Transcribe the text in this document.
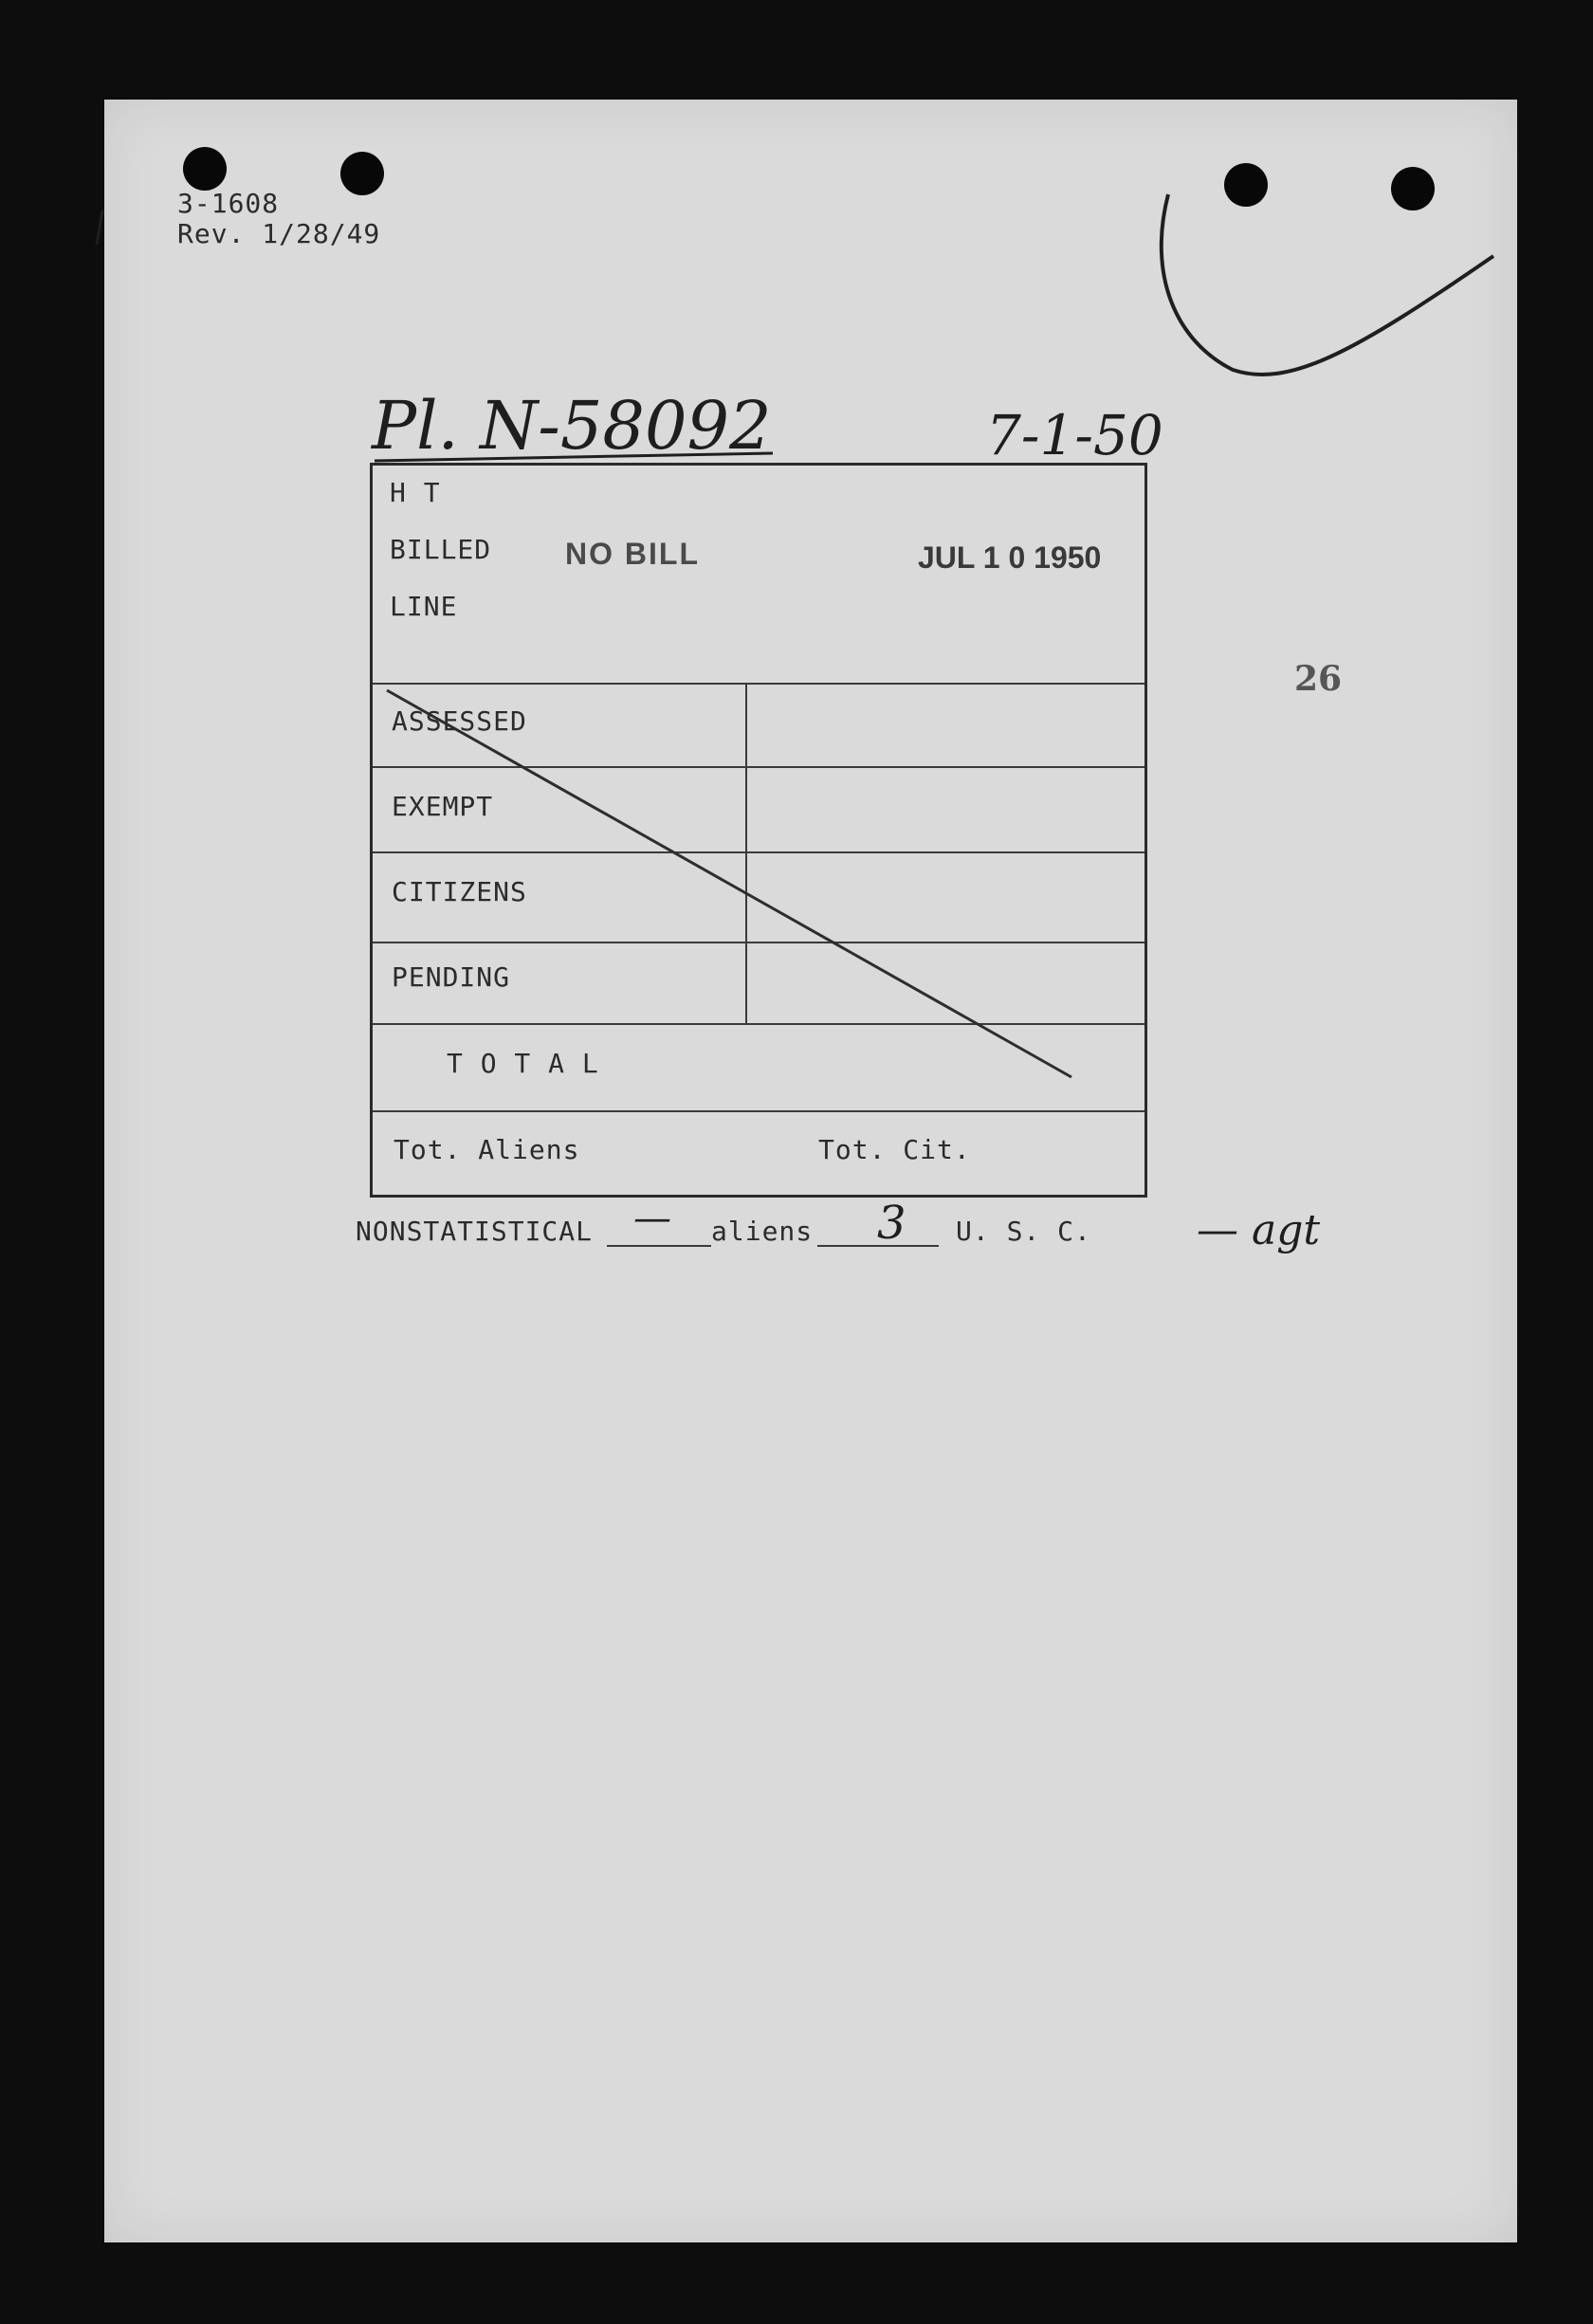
3-1608
Rev. 1/28/49
Pl. N-58092	7-1-50
H T
BILLED
LINE
ASSESSED
EXEMPT
CITIZENS
PENDING
T O T A L
Tot. Aliens	Tot. Cit.
NO BILL	JUL 1 0 1950
26
NONSTATISTICAL — aliens 3 U. S. C.	— agt
